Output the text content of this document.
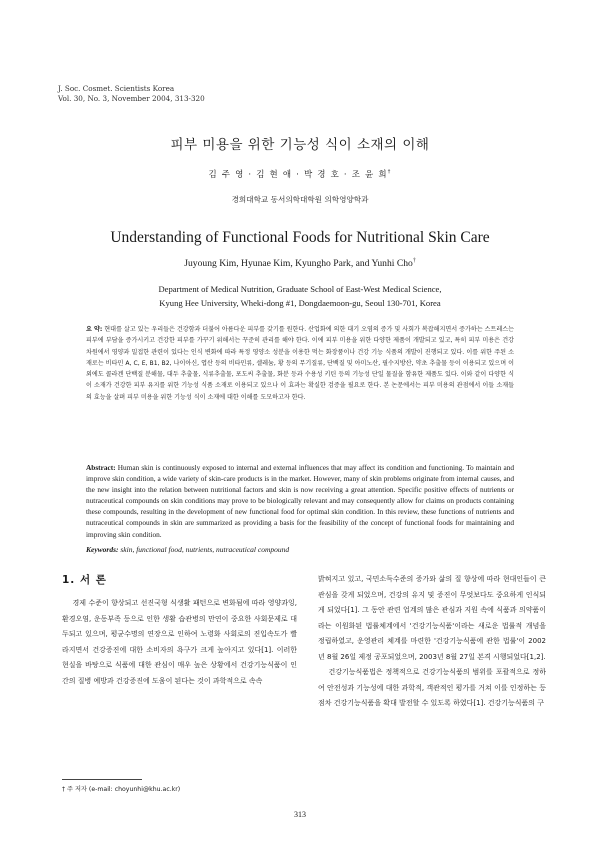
J. Soc. Cosmet. Scientists Korea
Vol. 30, No. 3, November 2004, 313-320
피부 미용을 위한 기능성 식이 소재의 이해
김 주 영 · 김 현 애 · 박 경 호 · 조 윤 희†
경희대학교 동서의학대학원 의학영양학과
Understanding of Functional Foods for Nutritional Skin Care
Juyoung Kim, Hyunae Kim, Kyungho Park, and Yunhi Cho†
Department of Medical Nutrition, Graduate School of East-West Medical Science,
Kyung Hee University, Wheki-dong #1, Dongdaemoon-gu, Seoul 130-701, Korea
요 약: 현대를 살고 있는 우리들은 건강함과 더불어 아름다운 피부를 갖기를 원한다. 산업화에 의한 대기 오염의 증가 및 사회가 복잡해지면서 증가하는 스트레스는 피부에 부담을 증가시키고 건강한 피부를 가꾸기 위해서는 꾸준히 관리를 해야 한다. 이에 피부 미용을 위한 다양한 제품이 개발되고 있고, 특히 피부 미용은 건강 차원에서 영양과 밀접한 관련이 있다는 인식 변화에 따라 특정 영양소 성분을 이용한 먹는 화장품이나 건강 기능 식품의 개발이 진행되고 있다. 이를 위한 주된 소재로는 비타민 A, C, E, B1, B2, 나이아신, 엽산 등의 비타민류, 셀레늄, 황 등의 무기질류, 단백질 및 아미노산, 필수지방산, 약초 추출물 등이 이용되고 있으며 이외에도 콜라겐 단백질 분해물, 대두 추출물, 식류추출물, 포도씨 추출물, 화분 등과 수용성 키틴 등의 기능성 단일 물질을 함유한 제품도 있다. 이와 같이 다양한 식이 소재가 건강한 피부 유지를 위한 기능성 식품 소재로 이용되고 있으나 이 효과는 확실한 검증을 필요로 한다. 본 논문에서는 피부 미용의 관점에서 이들 소재들의 효능을 살펴 피부 미용을 위한 기능성 식이 소재에 대한 이해를 도모하고자 한다.
Abstract: Human skin is continuously exposed to internal and external influences that may affect its condition and functioning. To maintain and improve skin condition, a wide variety of skin-care products is in the market. However, many of skin problems originate from internal causes, and the new insight into the relation between nutritional factors and skin is now receiving a great attention. Specific positive effects of nutrients or nutraceutical compounds on skin conditions may prove to be biologically relevant and may consequently allow for claims on products containing these compounds, resulting in the development of new functional food for optimal skin condition. In this review, these functions of nutrients and nutraceutical compounds in skin are summarized as providing a basis for the feasibility of the concept of functional foods for maintaining and improving skin condition.
Keywords: skin, functional food, nutrients, nutraceutical compound
1. 서 론

경제 수준이 향상되고 선진국형 식생활 패턴으로 변화됨에 따라 영양과잉, 환경오염, 운동부족 등으로 인한 생활 습관병의 만연이 중요한 사회문제로 대두되고 있으며, 평균수명의 연장으로 인하여 노령화 사회로의 진입속도가 빨라지면서 건강증진에 대한 소비자의 욕구가 크게 높아지고 있다[1]. 이러한 현실을 바탕으로 식품에 대한 관심이 매우 높은 상황에서 건강기능식품이 인간의 질병 예방과 건강증진에 도움이 된다는 것이 과학적으로 속속

밝혀지고 있고, 국민소득수준의 증가와 삶의 질 향상에 따라 현대인들이 큰 관심을 갖게 되었으며, 건강의 유지 및 증진이 무엇보다도 중요하게 인식되게 되었다[1]. 그 동안 관련 업계의 많은 관심과 지원 속에 식품과 의약품이라는 이원화된 법률체계에서 '건강기능식품'이라는 새로운 법률적 개념을 정립하였고, 운영관리 체계를 마련한 '건강기능식품에 관한 법률'이 2002년 8월 26일 제정 공포되었으며, 2003년 8월 27일 본격 시행되었다[1,2].

건강기능식품법은 정책적으로 건강기능식품의 범위를 포괄적으로 정하여 안전성과 기능성에 대한 과학적, 객관적인 평가를 거쳐 이를 인정하는 등 점차 건강기능식품을 확대 발전할 수 있도록 하였다[1]. 건강기능식품의 구

† 주 저자 (e-mail: choyunhi@khu.ac.kr)
313
